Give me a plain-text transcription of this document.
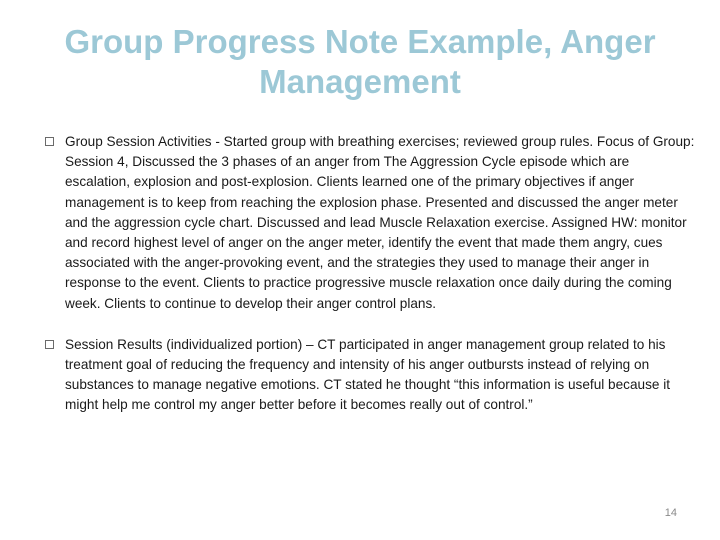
Group Progress Note Example, Anger Management
Group Session Activities - Started group with breathing exercises; reviewed group rules. Focus of Group: Session 4, Discussed the 3 phases of an anger from The Aggression Cycle episode which are escalation, explosion and post-explosion. Clients learned one of the primary objectives if anger management is to keep from reaching the explosion phase. Presented and discussed the anger meter and the aggression cycle chart. Discussed and lead Muscle Relaxation exercise. Assigned HW: monitor and record highest level of anger on the anger meter, identify the event that made them angry, cues associated with the anger-provoking event, and the strategies they used to manage their anger in response to the event. Clients to practice progressive muscle relaxation once daily during the coming week. Clients to continue to develop their anger control plans.
Session Results (individualized portion) – CT participated in anger management group related to his treatment goal of reducing the frequency and intensity of his anger outbursts instead of relying on substances to manage negative emotions. CT stated he thought “this information is useful because it might help me control my anger better before it becomes really out of control.”
14
